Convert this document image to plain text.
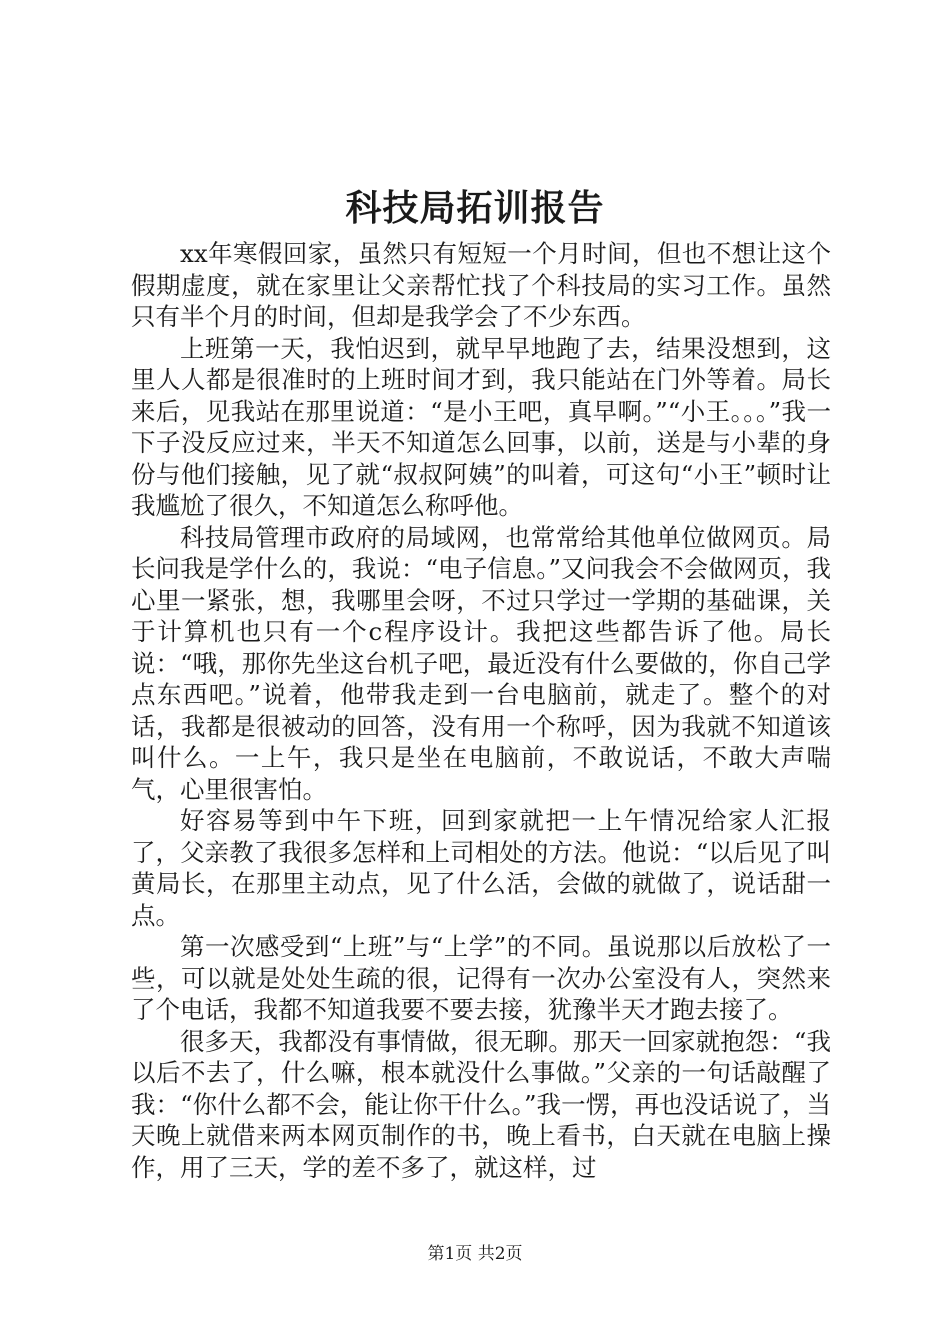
科技局拓训报告

xx年寒假回家，虽然只有短短一个月时间，但也不想让这个假期虚度，就在家里让父亲帮忙找了个科技局的实习工作。虽然只有半个月的时间，但却是我学会了不少东西。

上班第一天，我怕迟到，就早早地跑了去，结果没想到，这里人人都是很准时的上班时间才到，我只能站在门外等着。局长来后，见我站在那里说道：“是小王吧，真早啊。”“小王。。。”我一下子没反应过来，半天不知道怎么回事，以前，送是与小辈的身份与他们接触，见了就“叔叔阿姨”的叫着，可这句“小王”顿时让我尴尬了很久，不知道怎么称呼他。

科技局管理市政府的局域网，也常常给其他单位做网页。局长问我是学什么的，我说：“电子信息。”又问我会不会做网页，我心里一紧张，想，我哪里会呀，不过只学过一学期的基础课，关于计算机也只有一个c程序设计。我把这些都告诉了他。局长说：“哦，那你先坐这台机子吧，最近没有什么要做的，你自己学点东西吧。”说着，他带我走到一台电脑前，就走了。整个的对话，我都是很被动的回答，没有用一个称呼，因为我就不知道该叫什么。一上午，我只是坐在电脑前，不敢说话，不敢大声喘气，心里很害怕。

好容易等到中午下班，回到家就把一上午情况给家人汇报了，父亲教了我很多怎样和上司相处的方法。他说：“以后见了叫黄局长，在那里主动点，见了什么活，会做的就做了，说话甜一点。

第一次感受到“上班”与“上学”的不同。虽说那以后放松了一些，可以就是处处生疏的很，记得有一次办公室没有人，突然来了个电话，我都不知道我要不要去接，犹豫半天才跑去接了。

很多天，我都没有事情做，很无聊。那天一回家就抱怨：“我以后不去了，什么嘛，根本就没什么事做。”父亲的一句话敲醒了我：“你什么都不会，能让你干什么。”我一愣，再也没话说了，当天晚上就借来两本网页制作的书，晚上看书，白天就在电脑上操作，用了三天，学的差不多了，就这样，过

第1页 共2页
